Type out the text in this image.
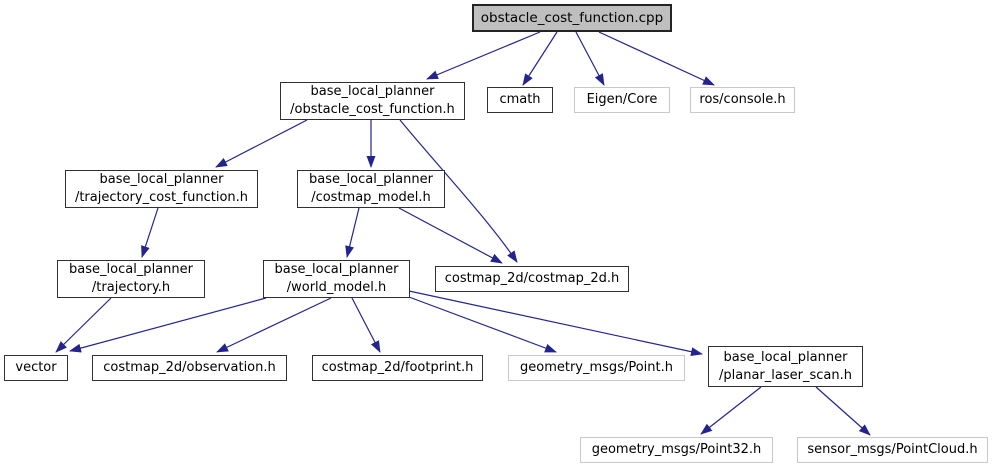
obstacle_cost_function.cpp
base_local_planner
/obstacle_cost_function.h
cmath	Eigen/Core	ros/console.h
base_local_planner
/trajectory_cost_function.h
base_local_planner
/costmap_model.h
base_local_planner
/trajectory.h
base_local_planner
/world_model.h
costmap_2d/costmap_2d.h
vector	costmap_2d/observation.h	costmap_2d/footprint.h	geometry_msgs/Point.h
base_local_planner
/planar_laser_scan.h
geometry_msgs/Point32.h	sensor_msgs/PointCloud.h
